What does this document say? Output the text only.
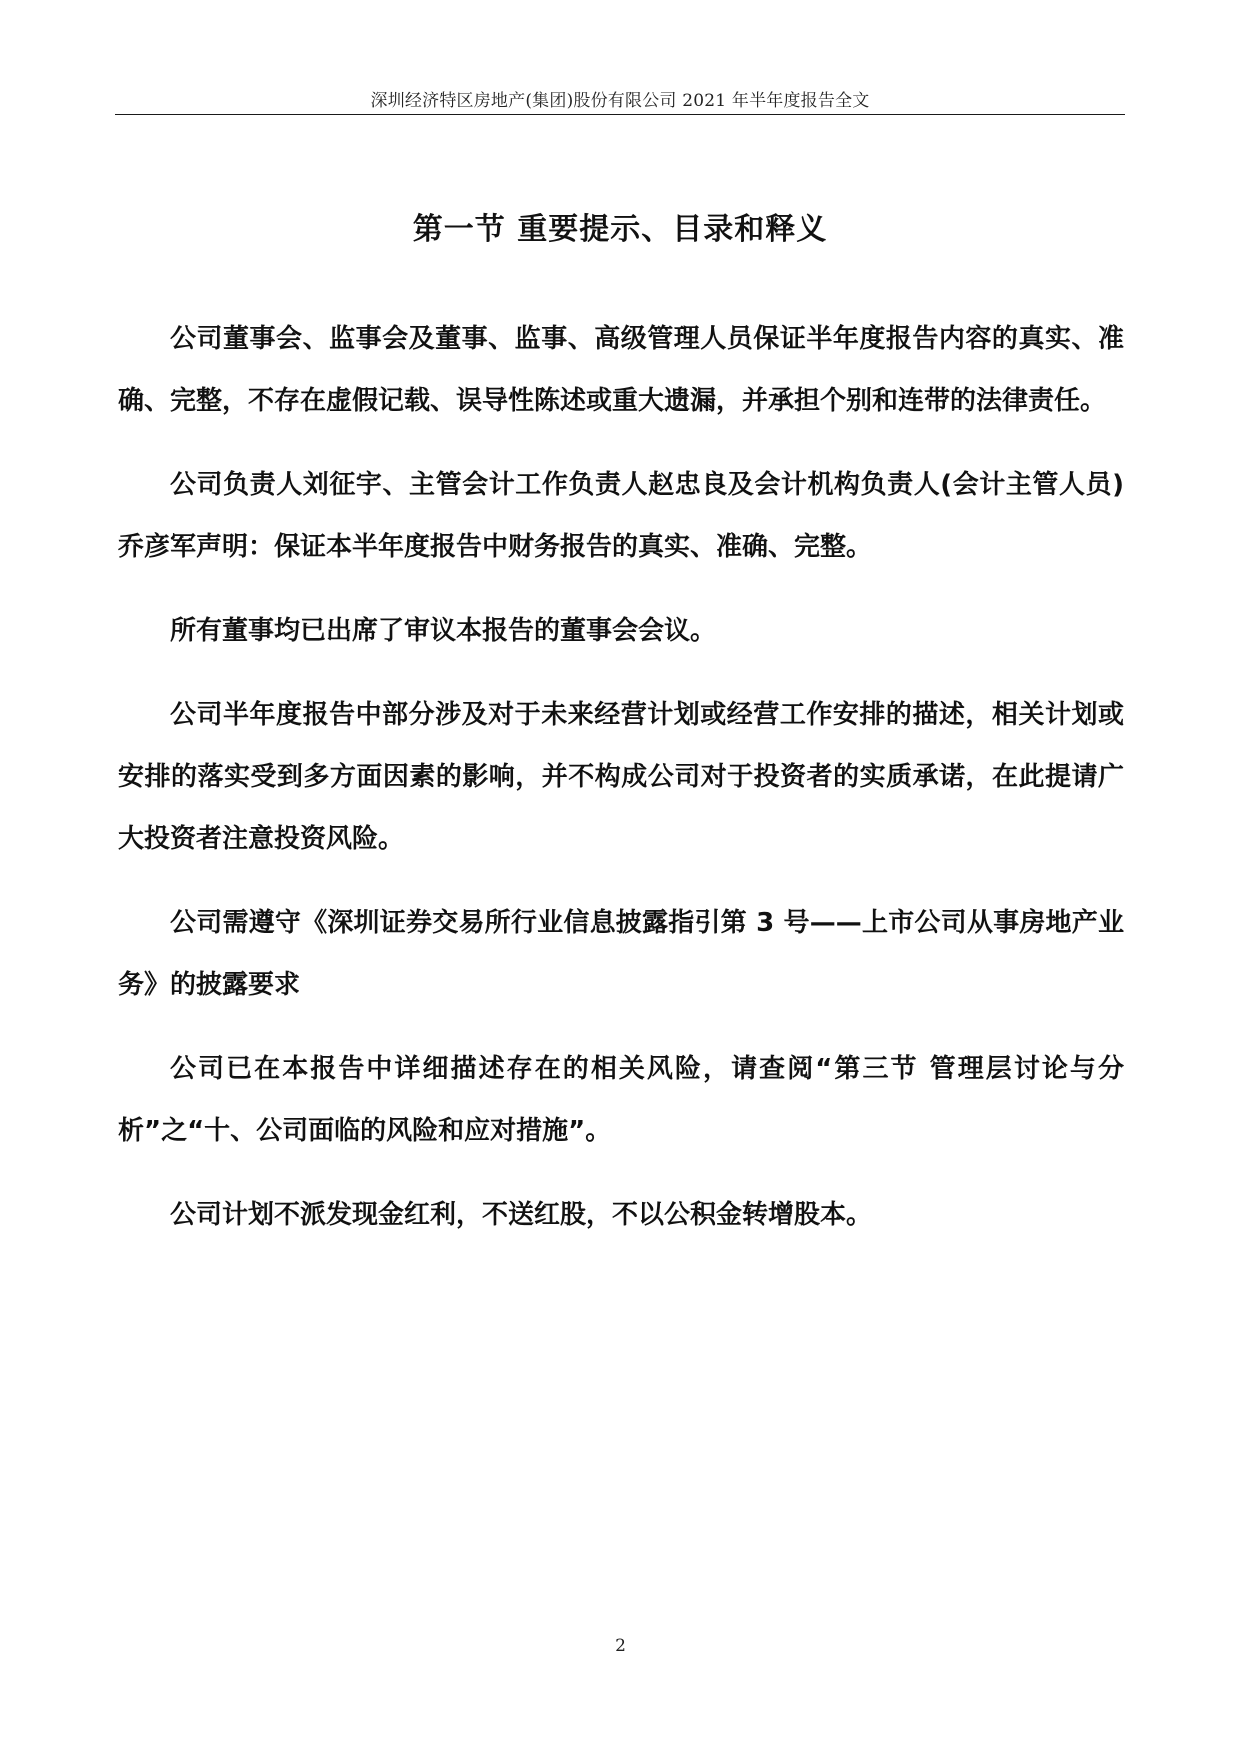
深圳经济特区房地产(集团)股份有限公司 2021 年半年度报告全文
第一节 重要提示、目录和释义

公司董事会、监事会及董事、监事、高级管理人员保证半年度报告内容的真实、准确、完整，不存在虚假记载、误导性陈述或重大遗漏，并承担个别和连带的法律责任。

公司负责人刘征宇、主管会计工作负责人赵忠良及会计机构负责人(会计主管人员)乔彦军声明：保证本半年度报告中财务报告的真实、准确、完整。

所有董事均已出席了审议本报告的董事会会议。

公司半年度报告中部分涉及对于未来经营计划或经营工作安排的描述，相关计划或安排的落实受到多方面因素的影响，并不构成公司对于投资者的实质承诺，在此提请广大投资者注意投资风险。

公司需遵守《深圳证券交易所行业信息披露指引第 3 号——上市公司从事房地产业务》的披露要求

公司已在本报告中详细描述存在的相关风险，请查阅“第三节 管理层讨论与分析”之“十、公司面临的风险和应对措施”。

公司计划不派发现金红利，不送红股，不以公积金转增股本。

2
